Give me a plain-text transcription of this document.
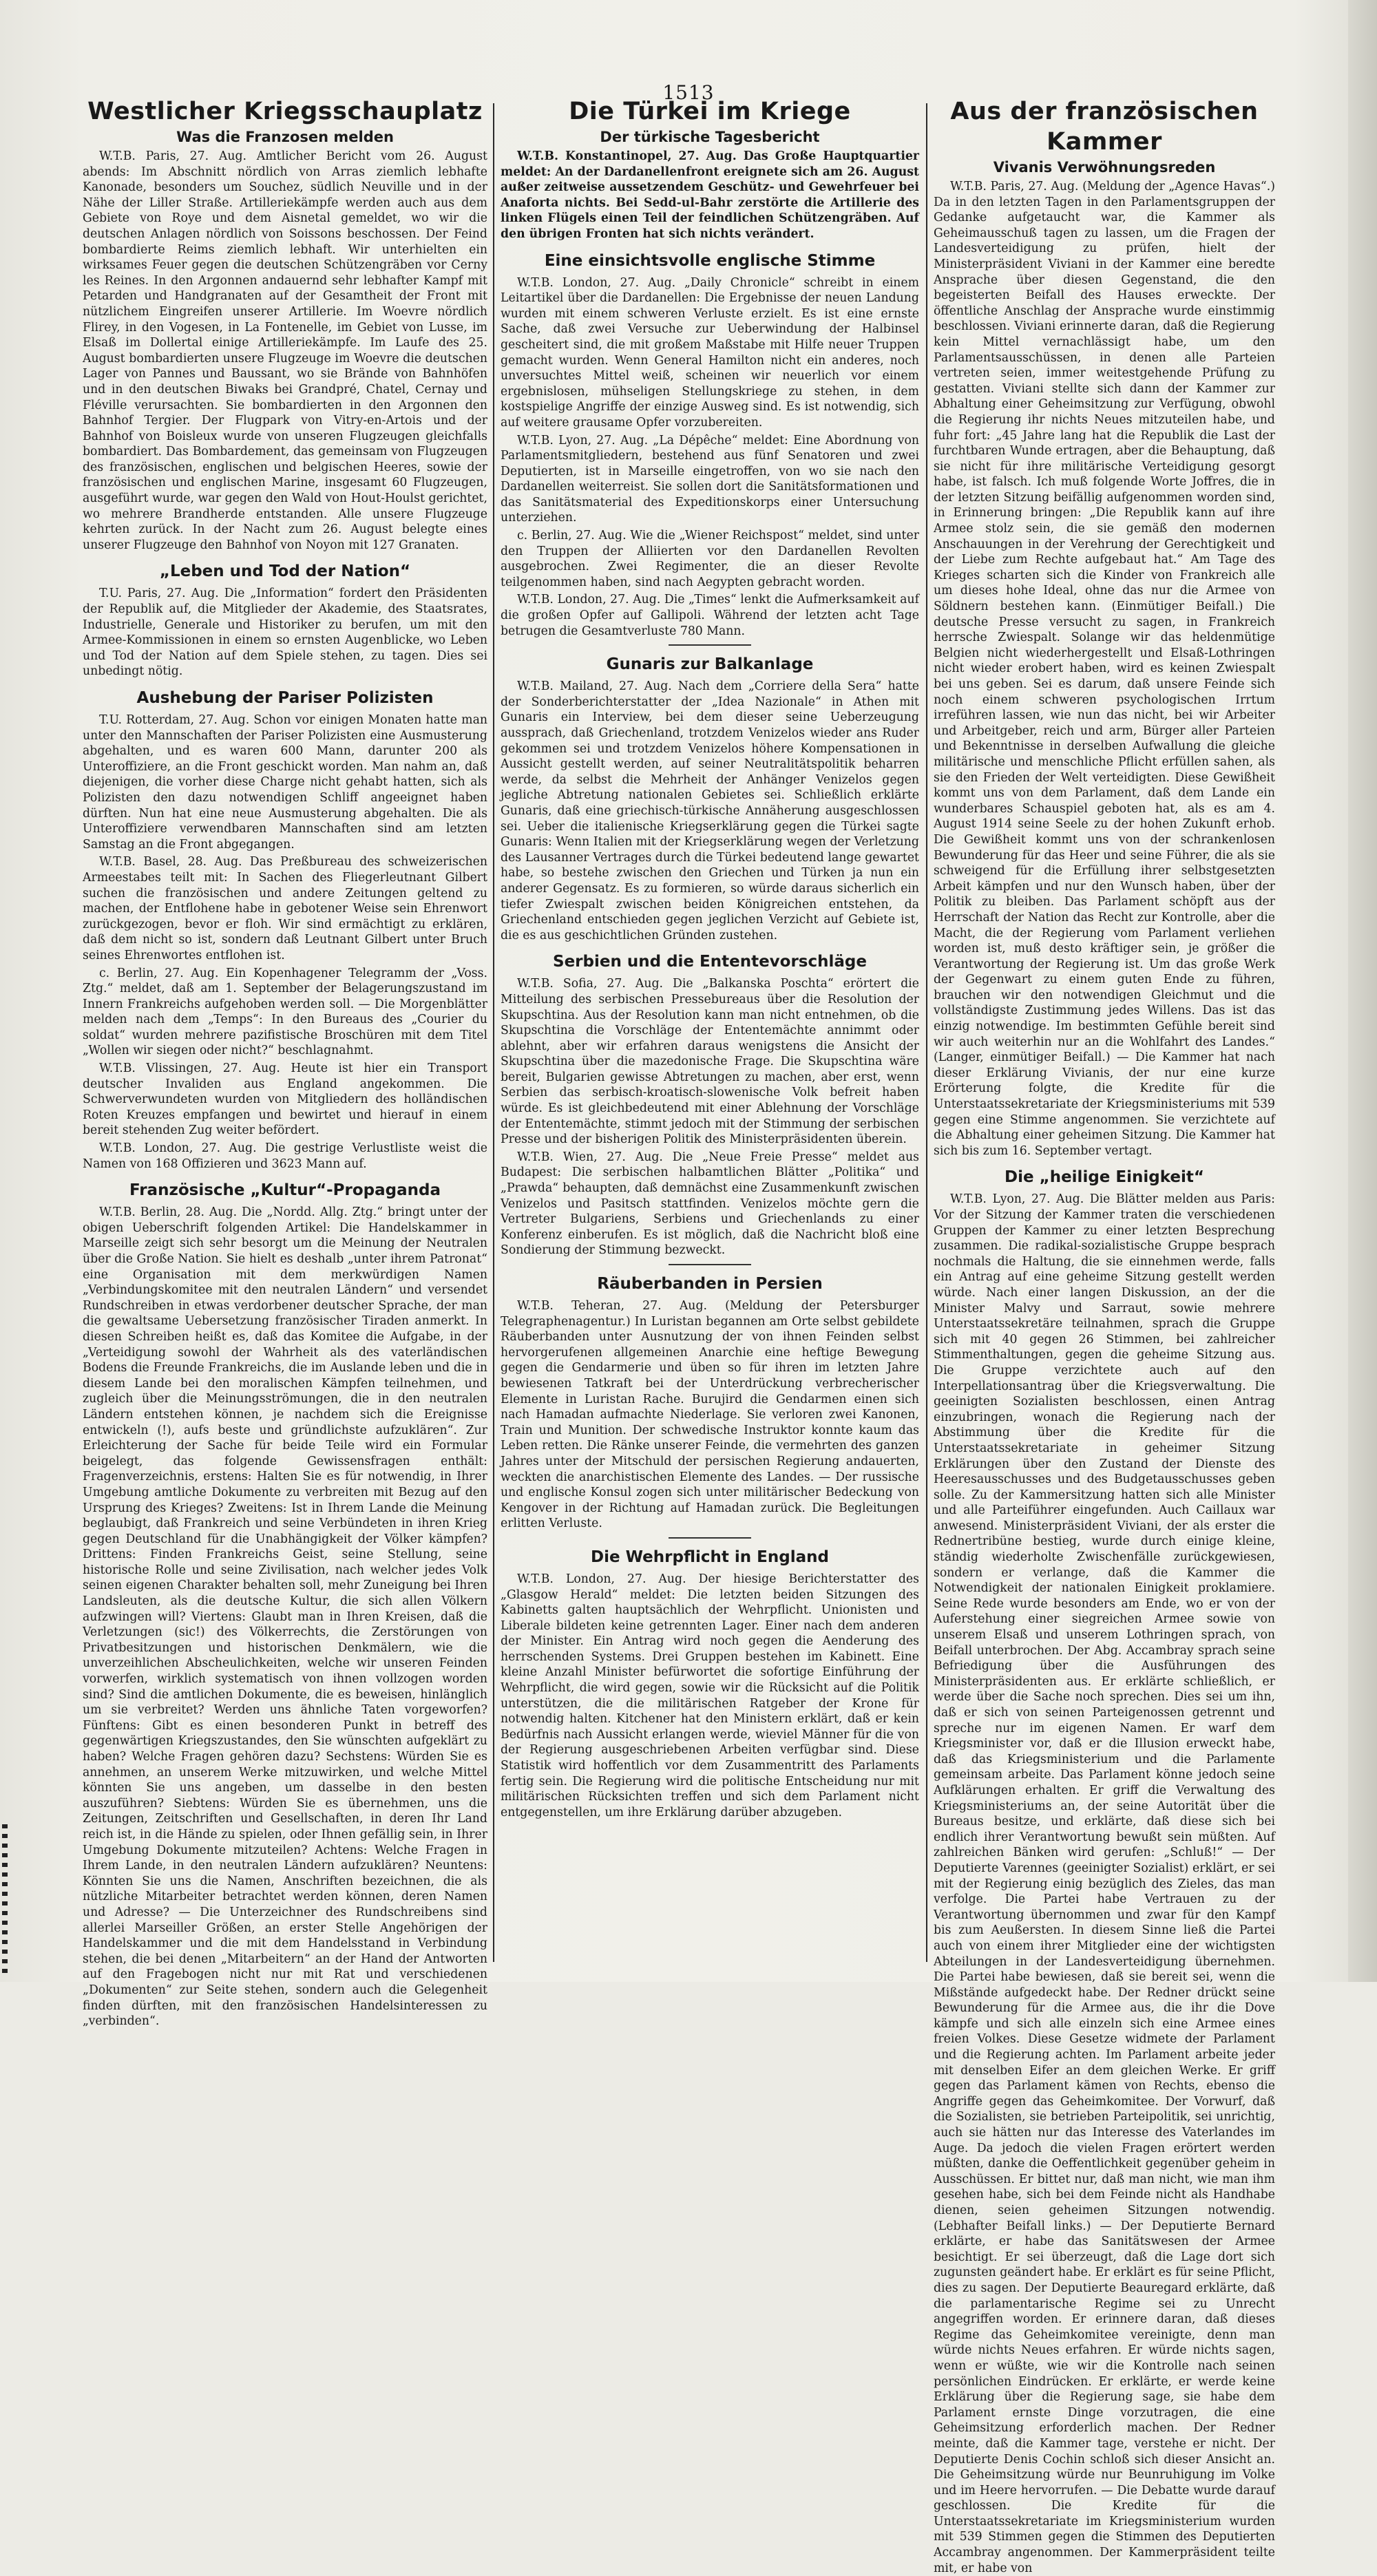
1513
Westlicher Kriegsschauplatz
Was die Franzosen melden

W.T.B. Paris, 27. Aug. Amtlicher Bericht vom 26. August abends: Im Abschnitt nördlich von Arras ziemlich lebhafte Kanonade, besonders um Souchez, südlich Neuville und in der Nähe der Liller Straße. Artilleriekämpfe werden auch aus dem Gebiete von Roye und dem Aisnetal gemeldet, wo wir die deutschen Anlagen nördlich von Soissons beschossen. Der Feind bombardierte Reims ziemlich lebhaft. Wir unterhielten ein wirksames Feuer gegen die deutschen Schützengräben vor Cerny les Reines. In den Argonnen andauernd sehr lebhafter Kampf mit Petarden und Handgranaten auf der Gesamtheit der Front mit nützlichem Eingreifen unserer Artillerie. Im Woevre nördlich Flirey, in den Vogesen, in La Fontenelle, im Gebiet von Lusse, im Elsaß im Dollertal einige Artilleriekämpfe. Im Laufe des 25. August bombardierten unsere Flugzeuge im Woevre die deutschen Lager von Pannes und Baussant, wo sie Brände von Bahnhöfen und in den deutschen Biwaks bei Grandpré, Chatel, Cernay und Fléville verursachten. Sie bombardierten in den Argonnen den Bahnhof Tergier. Der Flugpark von Vitry-en-Artois und der Bahnhof von Boisleux wurde von unseren Flugzeugen gleichfalls bombardiert. Das Bombardement, das gemeinsam von Flugzeugen des französischen, englischen und belgischen Heeres, sowie der französischen und englischen Marine, insgesamt 60 Flugzeugen, ausgeführt wurde, war gegen den Wald von Hout-Houlst gerichtet, wo mehrere Brandherde entstanden. Alle unsere Flugzeuge kehrten zurück. In der Nacht zum 26. August belegte eines unserer Flugzeuge den Bahnhof von Noyon mit 127 Granaten.

„Leben und Tod der Nation“

T.U. Paris, 27. Aug. Die „Information“ fordert den Präsidenten der Republik auf, die Mitglieder der Akademie, des Staatsrates, Industrielle, Generale und Historiker zu berufen, um mit den Armee-Kommissionen in einem so ernsten Augenblicke, wo Leben und Tod der Nation auf dem Spiele stehen, zu tagen. Dies sei unbedingt nötig.

Aushebung der Pariser Polizisten

T.U. Rotterdam, 27. Aug. Schon vor einigen Monaten hatte man unter den Mannschaften der Pariser Polizisten eine Ausmusterung abgehalten, und es waren 600 Mann, darunter 200 als Unteroffiziere, an die Front geschickt worden. Man nahm an, daß diejenigen, die vorher diese Charge nicht gehabt hatten, sich als Polizisten den dazu notwendigen Schliff angeeignet haben dürften. Nun hat eine neue Ausmusterung abgehalten. Die als Unteroffiziere verwendbaren Mannschaften sind am letzten Samstag an die Front abgegangen.

W.T.B. Basel, 28. Aug. Das Preßbureau des schweizerischen Armeestabes teilt mit: In Sachen des Fliegerleutnant Gilbert suchen die französischen und andere Zeitungen geltend zu machen, der Entflohene habe in gebotener Weise sein Ehrenwort zurückgezogen, bevor er floh. Wir sind ermächtigt zu erklären, daß dem nicht so ist, sondern daß Leutnant Gilbert unter Bruch seines Ehrenwortes entflohen ist.

c. Berlin, 27. Aug. Ein Kopenhagener Telegramm der „Voss. Ztg.“ meldet, daß am 1. September der Belagerungszustand im Innern Frankreichs aufgehoben werden soll. — Die Morgenblätter melden nach dem „Temps“: In den Bureaus des „Courier du soldat“ wurden mehrere pazifistische Broschüren mit dem Titel „Wollen wir siegen oder nicht?“ beschlagnahmt.

W.T.B. Vlissingen, 27. Aug. Heute ist hier ein Transport deutscher Invaliden aus England angekommen. Die Schwerverwundeten wurden von Mitgliedern des holländischen Roten Kreuzes empfangen und bewirtet und hierauf in einem bereit stehenden Zug weiter befördert.

W.T.B. London, 27. Aug. Die gestrige Verlustliste weist die Namen von 168 Offizieren und 3623 Mann auf.

Französische „Kultur“-Propaganda

W.T.B. Berlin, 28. Aug. Die „Nordd. Allg. Ztg.“ bringt unter der obigen Ueberschrift folgenden Artikel: Die Handelskammer in Marseille zeigt sich sehr besorgt um die Meinung der Neutralen über die Große Nation. Sie hielt es deshalb „unter ihrem Patronat“ eine Organisation mit dem merkwürdigen Namen „Verbindungskomitee mit den neutralen Ländern“ und versendet Rundschreiben in etwas verdorbener deutscher Sprache, der man die gewaltsame Uebersetzung französischer Tiraden anmerkt. In diesen Schreiben heißt es, daß das Komitee die Aufgabe, in der „Verteidigung sowohl der Wahrheit als des vaterländischen Bodens die Freunde Frankreichs, die im Auslande leben und die in diesem Lande bei den moralischen Kämpfen teilnehmen, und zugleich über die Meinungsströmungen, die in den neutralen Ländern entstehen können, je nachdem sich die Ereignisse entwickeln (!), aufs beste und gründlichste aufzuklären“. Zur Erleichterung der Sache für beide Teile wird ein Formular beigelegt, das folgende Gewissensfragen enthält: Fragenverzeichnis, erstens: Halten Sie es für notwendig, in Ihrer Umgebung amtliche Dokumente zu verbreiten mit Bezug auf den Ursprung des Krieges? Zweitens: Ist in Ihrem Lande die Meinung beglaubigt, daß Frankreich und seine Verbündeten in ihren Krieg gegen Deutschland für die Unabhängigkeit der Völker kämpfen? Drittens: Finden Frankreichs Geist, seine Stellung, seine historische Rolle und seine Zivilisation, nach welcher jedes Volk seinen eigenen Charakter behalten soll, mehr Zuneigung bei Ihren Landsleuten, als die deutsche Kultur, die sich allen Völkern aufzwingen will? Viertens: Glaubt man in Ihren Kreisen, daß die Verletzungen (sic!) des Völkerrechts, die Zerstörungen von Privatbesitzungen und historischen Denkmälern, wie die unverzeihlichen Abscheulichkeiten, welche wir unseren Feinden vorwerfen, wirklich systematisch von ihnen vollzogen worden sind? Sind die amtlichen Dokumente, die es beweisen, hinlänglich um sie verbreitet? Werden uns ähnliche Taten vorgeworfen? Fünftens: Gibt es einen besonderen Punkt in betreff des gegenwärtigen Kriegszustandes, den Sie wünschten aufgeklärt zu haben? Welche Fragen gehören dazu? Sechstens: Würden Sie es annehmen, an unserem Werke mitzuwirken, und welche Mittel könnten Sie uns angeben, um dasselbe in den besten auszuführen? Siebtens: Würden Sie es übernehmen, uns die Zeitungen, Zeitschriften und Gesellschaften, in deren Ihr Land reich ist, in die Hände zu spielen, oder Ihnen gefällig sein, in Ihrer Umgebung Dokumente mitzuteilen? Achtens: Welche Fragen in Ihrem Lande, in den neutralen Ländern aufzuklären? Neuntens: Könnten Sie uns die Namen, Anschriften bezeichnen, die als nützliche Mitarbeiter betrachtet werden können, deren Namen und Adresse? — Die Unterzeichner des Rundschreibens sind allerlei Marseiller Größen, an erster Stelle Angehörigen der Handelskammer und die mit dem Handelsstand in Verbindung stehen, die bei denen „Mitarbeitern“ an der Hand der Antworten auf den Fragebogen nicht nur mit Rat und verschiedenen „Dokumenten“ zur Seite stehen, sondern auch die Gelegenheit finden dürften, mit den französischen Handelsinteressen zu „verbinden“.

Die Türkei im Kriege
Der türkische Tagesbericht

W.T.B. Konstantinopel, 27. Aug. Das Große Hauptquartier meldet: An der Dardanellenfront ereignete sich am 26. August außer zeitweise aussetzendem Geschütz- und Gewehrfeuer bei Anaforta nichts. Bei Sedd-ul-Bahr zerstörte die Artillerie des linken Flügels einen Teil der feindlichen Schützengräben. Auf den übrigen Fronten hat sich nichts verändert.

Eine einsichtsvolle englische Stimme

W.T.B. London, 27. Aug. „Daily Chronicle“ schreibt in einem Leitartikel über die Dardanellen: Die Ergebnisse der neuen Landung wurden mit einem schweren Verluste erzielt. Es ist eine ernste Sache, daß zwei Versuche zur Ueberwindung der Halbinsel gescheitert sind, die mit großem Maßstabe mit Hilfe neuer Truppen gemacht wurden. Wenn General Hamilton nicht ein anderes, noch unversuchtes Mittel weiß, scheinen wir neuerlich vor einem ergebnislosen, mühseligen Stellungskriege zu stehen, in dem kostspielige Angriffe der einzige Ausweg sind. Es ist notwendig, sich auf weitere grausame Opfer vorzubereiten.

W.T.B. Lyon, 27. Aug. „La Dépêche“ meldet: Eine Abordnung von Parlamentsmitgliedern, bestehend aus fünf Senatoren und zwei Deputierten, ist in Marseille eingetroffen, von wo sie nach den Dardanellen weiterreist. Sie sollen dort die Sanitätsformationen und das Sanitätsmaterial des Expeditionskorps einer Untersuchung unterziehen.

c. Berlin, 27. Aug. Wie die „Wiener Reichspost“ meldet, sind unter den Truppen der Alliierten vor den Dardanellen Revolten ausgebrochen. Zwei Regimenter, die an dieser Revolte teilgenommen haben, sind nach Aegypten gebracht worden.

W.T.B. London, 27. Aug. Die „Times“ lenkt die Aufmerksamkeit auf die großen Opfer auf Gallipoli. Während der letzten acht Tage betrugen die Gesamtverluste 780 Mann.

Gunaris zur Balkanlage

W.T.B. Mailand, 27. Aug. Nach dem „Corriere della Sera“ hatte der Sonderberichterstatter der „Idea Nazionale“ in Athen mit Gunaris ein Interview, bei dem dieser seine Ueberzeugung aussprach, daß Griechenland, trotzdem Venizelos wieder ans Ruder gekommen sei und trotzdem Venizelos höhere Kompensationen in Aussicht gestellt werden, auf seiner Neutralitätspolitik beharren werde, da selbst die Mehrheit der Anhänger Venizelos gegen jegliche Abtretung nationalen Gebietes sei. Schließlich erklärte Gunaris, daß eine griechisch-türkische Annäherung ausgeschlossen sei. Ueber die italienische Kriegserklärung gegen die Türkei sagte Gunaris: Wenn Italien mit der Kriegserklärung wegen der Verletzung des Lausanner Vertrages durch die Türkei bedeutend lange gewartet habe, so bestehe zwischen den Griechen und Türken ja nun ein anderer Gegensatz. Es zu formieren, so würde daraus sicherlich ein tiefer Zwiespalt zwischen beiden Königreichen entstehen, da Griechenland entschieden gegen jeglichen Verzicht auf Gebiete ist, die es aus geschichtlichen Gründen zustehen.

Serbien und die Ententevorschläge

W.T.B. Sofia, 27. Aug. Die „Balkanska Poschta“ erörtert die Mitteilung des serbischen Pressebureaus über die Resolution der Skupschtina. Aus der Resolution kann man nicht entnehmen, ob die Skupschtina die Vorschläge der Ententemächte annimmt oder ablehnt, aber wir erfahren daraus wenigstens die Ansicht der Skupschtina über die mazedonische Frage. Die Skupschtina wäre bereit, Bulgarien gewisse Abtretungen zu machen, aber erst, wenn Serbien das serbisch-kroatisch-slowenische Volk befreit haben würde. Es ist gleichbedeutend mit einer Ablehnung der Vorschläge der Ententemächte, stimmt jedoch mit der Stimmung der serbischen Presse und der bisherigen Politik des Ministerpräsidenten überein.

W.T.B. Wien, 27. Aug. Die „Neue Freie Presse“ meldet aus Budapest: Die serbischen halbamtlichen Blätter „Politika“ und „Prawda“ behaupten, daß demnächst eine Zusammenkunft zwischen Venizelos und Pasitsch stattfinden. Venizelos möchte gern die Vertreter Bulgariens, Serbiens und Griechenlands zu einer Konferenz einberufen. Es ist möglich, daß die Nachricht bloß eine Sondierung der Stimmung bezweckt.

Räuberbanden in Persien

W.T.B. Teheran, 27. Aug. (Meldung der Petersburger Telegraphenagentur.) In Luristan begannen am Orte selbst gebildete Räuberbanden unter Ausnutzung der von ihnen Feinden selbst hervorgerufenen allgemeinen Anarchie eine heftige Bewegung gegen die Gendarmerie und üben so für ihren im letzten Jahre bewiesenen Tatkraft bei der Unterdrückung verbrecherischer Elemente in Luristan Rache. Burujird die Gendarmen einen sich nach Hamadan aufmachte Niederlage. Sie verloren zwei Kanonen, Train und Munition. Der schwedische Instruktor konnte kaum das Leben retten. Die Ränke unserer Feinde, die vermehrten des ganzen Jahres unter der Mitschuld der persischen Regierung andauerten, weckten die anarchistischen Elemente des Landes. — Der russische und englische Konsul zogen sich unter militärischer Bedeckung von Kengover in der Richtung auf Hamadan zurück. Die Begleitungen erlitten Verluste.

Die Wehrpflicht in England

W.T.B. London, 27. Aug. Der hiesige Berichterstatter des „Glasgow Herald“ meldet: Die letzten beiden Sitzungen des Kabinetts galten hauptsächlich der Wehrpflicht. Unionisten und Liberale bildeten keine getrennten Lager. Einer nach dem anderen der Minister. Ein Antrag wird noch gegen die Aenderung des herrschenden Systems. Drei Gruppen bestehen im Kabinett. Eine kleine Anzahl Minister befürwortet die sofortige Einführung der Wehrpflicht, die wird gegen, sowie wir die Rücksicht auf die Politik unterstützen, die die militärischen Ratgeber der Krone für notwendig halten. Kitchener hat den Ministern erklärt, daß er kein Bedürfnis nach Aussicht erlangen werde, wieviel Männer für die von der Regierung ausgeschriebenen Arbeiten verfügbar sind. Diese Statistik wird hoffentlich vor dem Zusammentritt des Parlaments fertig sein. Die Regierung wird die politische Entscheidung nur mit militärischen Rücksichten treffen und sich dem Parlament nicht entgegenstellen, um ihre Erklärung darüber abzugeben.

Aus der französischen Kammer
Vivanis Verwöhnungsreden

W.T.B. Paris, 27. Aug. (Meldung der „Agence Havas“.) Da in den letzten Tagen in den Parlamentsgruppen der Gedanke aufgetaucht war, die Kammer als Geheimausschuß tagen zu lassen, um die Fragen der Landesverteidigung zu prüfen, hielt der Ministerpräsident Viviani in der Kammer eine beredte Ansprache über diesen Gegenstand, die den begeisterten Beifall des Hauses erweckte. Der öffentliche Anschlag der Ansprache wurde einstimmig beschlossen. Viviani erinnerte daran, daß die Regierung kein Mittel vernachlässigt habe, um den Parlamentsausschüssen, in denen alle Parteien vertreten seien, immer weitestgehende Prüfung zu gestatten. Viviani stellte sich dann der Kammer zur Abhaltung einer Geheimsitzung zur Verfügung, obwohl die Regierung ihr nichts Neues mitzuteilen habe, und fuhr fort: „45 Jahre lang hat die Republik die Last der furchtbaren Wunde ertragen, aber die Behauptung, daß sie nicht für ihre militärische Verteidigung gesorgt habe, ist falsch. Ich muß folgende Worte Joffres, die in der letzten Sitzung beifällig aufgenommen worden sind, in Erinnerung bringen: „Die Republik kann auf ihre Armee stolz sein, die sie gemäß den modernen Anschauungen in der Verehrung der Gerechtigkeit und der Liebe zum Rechte aufgebaut hat.“ Am Tage des Krieges scharten sich die Kinder von Frankreich alle um dieses hohe Ideal, ohne das nur die Armee von Söldnern bestehen kann. (Einmütiger Beifall.) Die deutsche Presse versucht zu sagen, in Frankreich herrsche Zwiespalt. Solange wir das heldenmütige Belgien nicht wiederhergestellt und Elsaß-Lothringen nicht wieder erobert haben, wird es keinen Zwiespalt bei uns geben. Sei es darum, daß unsere Feinde sich noch einem schweren psychologischen Irrtum irreführen lassen, wie nun das nicht, bei wir Arbeiter und Arbeitgeber, reich und arm, Bürger aller Parteien und Bekenntnisse in derselben Aufwallung die gleiche militärische und menschliche Pflicht erfüllen sahen, als sie den Frieden der Welt verteidigten. Diese Gewißheit kommt uns von dem Parlament, daß dem Lande ein wunderbares Schauspiel geboten hat, als es am 4. August 1914 seine Seele zu der hohen Zukunft erhob. Die Gewißheit kommt uns von der schrankenlosen Bewunderung für das Heer und seine Führer, die als sie schweigend für die Erfüllung ihrer selbstgesetzten Arbeit kämpfen und nur den Wunsch haben, über der Politik zu bleiben. Das Parlament schöpft aus der Herrschaft der Nation das Recht zur Kontrolle, aber die Macht, die der Regierung vom Parlament verliehen worden ist, muß desto kräftiger sein, je größer die Verantwortung der Regierung ist. Um das große Werk der Gegenwart zu einem guten Ende zu führen, brauchen wir den notwendigen Gleichmut und die vollständigste Zustimmung jedes Willens. Das ist das einzig notwendige. Im bestimmten Gefühle bereit sind wir auch weiterhin nur an die Wohlfahrt des Landes.“ (Langer, einmütiger Beifall.) — Die Kammer hat nach dieser Erklärung Vivianis, der nur eine kurze Erörterung folgte, die Kredite für die Unterstaatssekretariate der Kriegsministeriums mit 539 gegen eine Stimme angenommen. Sie verzichtete auf die Abhaltung einer geheimen Sitzung. Die Kammer hat sich bis zum 16. September vertagt.

Die „heilige Einigkeit“

W.T.B. Lyon, 27. Aug. Die Blätter melden aus Paris: Vor der Sitzung der Kammer traten die verschiedenen Gruppen der Kammer zu einer letzten Besprechung zusammen. Die radikal-sozialistische Gruppe besprach nochmals die Haltung, die sie einnehmen werde, falls ein Antrag auf eine geheime Sitzung gestellt werden würde. Nach einer langen Diskussion, an der die Minister Malvy und Sarraut, sowie mehrere Unterstaatssekretäre teilnahmen, sprach die Gruppe sich mit 40 gegen 26 Stimmen, bei zahlreicher Stimmenthaltungen, gegen die geheime Sitzung aus. Die Gruppe verzichtete auch auf den Interpellationsantrag über die Kriegsverwaltung. Die geeinigten Sozialisten beschlossen, einen Antrag einzubringen, wonach die Regierung nach der Abstimmung über die Kredite für die Unterstaatssekretariate in geheimer Sitzung Erklärungen über den Zustand der Dienste des Heeresausschusses und des Budgetausschusses geben solle. Zu der Kammersitzung hatten sich alle Minister und alle Parteiführer eingefunden. Auch Caillaux war anwesend. Ministerpräsident Viviani, der als erster die Rednertribüne bestieg, wurde durch einige kleine, ständig wiederholte Zwischenfälle zurückgewiesen, sondern er verlange, daß die Kammer die Notwendigkeit der nationalen Einigkeit proklamiere. Seine Rede wurde besonders am Ende, wo er von der Auferstehung einer siegreichen Armee sowie von unserem Elsaß und unserem Lothringen sprach, von Beifall unterbrochen. Der Abg. Accambray sprach seine Befriedigung über die Ausführungen des Ministerpräsidenten aus. Er erklärte schließlich, er werde über die Sache noch sprechen. Dies sei um ihn, daß er sich von seinen Parteigenossen getrennt und spreche nur im eigenen Namen. Er warf dem Kriegsminister vor, daß er die Illusion erweckt habe, daß das Kriegsministerium und die Parlamente gemeinsam arbeite. Das Parlament könne jedoch seine Aufklärungen erhalten. Er griff die Verwaltung des Kriegsministeriums an, der seine Autorität über die Bureaus besitze, und erklärte, daß diese sich bei endlich ihrer Verantwortung bewußt sein müßten. Auf zahlreichen Bänken wird gerufen: „Schluß!“ — Der Deputierte Varennes (geeinigter Sozialist) erklärt, er sei mit der Regierung einig bezüglich des Zieles, das man verfolge. Die Partei habe Vertrauen zu der Verantwortung übernommen und zwar für den Kampf bis zum Aeußersten. In diesem Sinne ließ die Partei auch von einem ihrer Mitglieder eine der wichtigsten Abteilungen in der Landesverteidigung übernehmen. Die Partei habe bewiesen, daß sie bereit sei, wenn die Mißstände aufgedeckt habe. Der Redner drückt seine Bewunderung für die Armee aus, die ihr die Dove kämpfe und sich alle einzeln sich eine Armee eines freien Volkes. Diese Gesetze widmete der Parlament und die Regierung achten. Im Parlament arbeite jeder mit denselben Eifer an dem gleichen Werke. Er griff gegen das Parlament kämen von Rechts, ebenso die Angriffe gegen das Geheimkomitee. Der Vorwurf, daß die Sozialisten, sie betrieben Parteipolitik, sei unrichtig, auch sie hätten nur das Interesse des Vaterlandes im Auge. Da jedoch die vielen Fragen erörtert werden müßten, danke die Oeffentlichkeit gegenüber geheim in Ausschüssen. Er bittet nur, daß man nicht, wie man ihm gesehen habe, sich bei dem Feinde nicht als Handhabe dienen, seien geheimen Sitzungen notwendig. (Lebhafter Beifall links.) — Der Deputierte Bernard erklärte, er habe das Sanitätswesen der Armee besichtigt. Er sei überzeugt, daß die Lage dort sich zugunsten geändert habe. Er erklärt es für seine Pflicht, dies zu sagen. Der Deputierte Beauregard erklärte, daß die parlamentarische Regime sei zu Unrecht angegriffen worden. Er erinnere daran, daß dieses Regime das Geheimkomitee vereinigte, denn man würde nichts Neues erfahren. Er würde nichts sagen, wenn er wüßte, wie wir die Kontrolle nach seinen persönlichen Eindrücken. Er erklärte, er werde keine Erklärung über die Regierung sage, sie habe dem Parlament ernste Dinge vorzutragen, die eine Geheimsitzung erforderlich machen. Der Redner meinte, daß die Kammer tage, verstehe er nicht. Der Deputierte Denis Cochin schloß sich dieser Ansicht an. Die Geheimsitzung würde nur Beunruhigung im Volke und im Heere hervorrufen. — Die Debatte wurde darauf geschlossen. Die Kredite für die Unterstaatssekretariate im Kriegsministerium wurden mit 539 Stimmen gegen die Stimmen des Deputierten Accambray angenommen. Der Kammerpräsident teilte mit, er habe von
